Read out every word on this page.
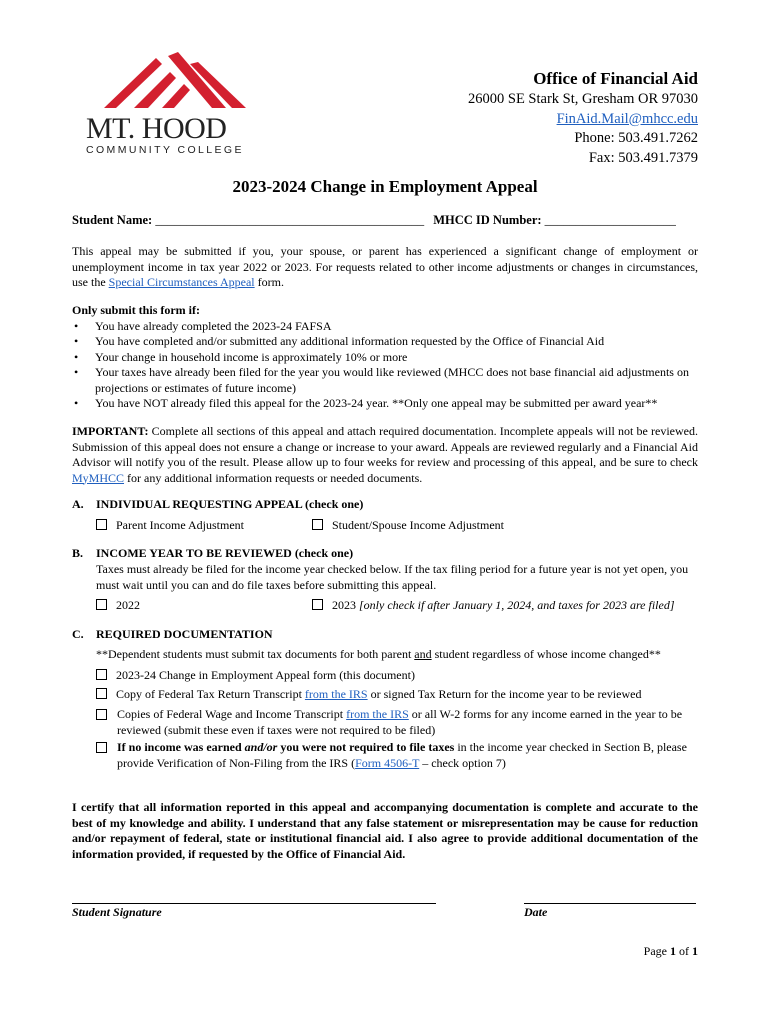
MT. HOOD
COMMUNITY COLLEGE
Office of Financial Aid
26000 SE Stark St, Gresham OR 97030
FinAid.Mail@mhcc.edu
Phone: 503.491.7262
Fax: 503.491.7379
2023-2024 Change in Employment Appeal
Student Name: ___________________________________________ MHCC ID Number: _____________________
This appeal may be submitted if you, your spouse, or parent has experienced a significant change of employment or unemployment income in tax year 2022 or 2023. For requests related to other income adjustments or changes in circumstances, use the Special Circumstances Appeal form.
Only submit this form if:
• You have already completed the 2023-24 FAFSA
• You have completed and/or submitted any additional information requested by the Office of Financial Aid
• Your change in household income is approximately 10% or more
• Your taxes have already been filed for the year you would like reviewed (MHCC does not base financial aid adjustments on projections or estimates of future income)
• You have NOT already filed this appeal for the 2023-24 year. **Only one appeal may be submitted per award year**
IMPORTANT: Complete all sections of this appeal and attach required documentation. Incomplete appeals will not be reviewed. Submission of this appeal does not ensure a change or increase to your award. Appeals are reviewed regularly and a Financial Aid Advisor will notify you of the result. Please allow up to four weeks for review and processing of this appeal, and be sure to check MyMHCC for any additional information requests or needed documents.
A. INDIVIDUAL REQUESTING APPEAL (check one)
Parent Income Adjustment	Student/Spouse Income Adjustment
B. INCOME YEAR TO BE REVIEWED (check one)
Taxes must already be filed for the income year checked below. If the tax filing period for a future year is not yet open, you must wait until you can and do file taxes before submitting this appeal.
2022	2023 [only check if after January 1, 2024, and taxes for 2023 are filed]
C. REQUIRED DOCUMENTATION
**Dependent students must submit tax documents for both parent and student regardless of whose income changed**
2023-24 Change in Employment Appeal form (this document)
Copy of Federal Tax Return Transcript from the IRS or signed Tax Return for the income year to be reviewed
Copies of Federal Wage and Income Transcript from the IRS or all W-2 forms for any income earned in the year to be reviewed (submit these even if taxes were not required to be filed)
If no income was earned and/or you were not required to file taxes in the income year checked in Section B, please provide Verification of Non-Filing from the IRS (Form 4506-T – check option 7)
I certify that all information reported in this appeal and accompanying documentation is complete and accurate to the best of my knowledge and ability. I understand that any false statement or misrepresentation may be cause for reduction and/or repayment of federal, state or institutional financial aid. I also agree to provide additional documentation of the information provided, if requested by the Office of Financial Aid.
Student Signature	Date
Page 1 of 1
